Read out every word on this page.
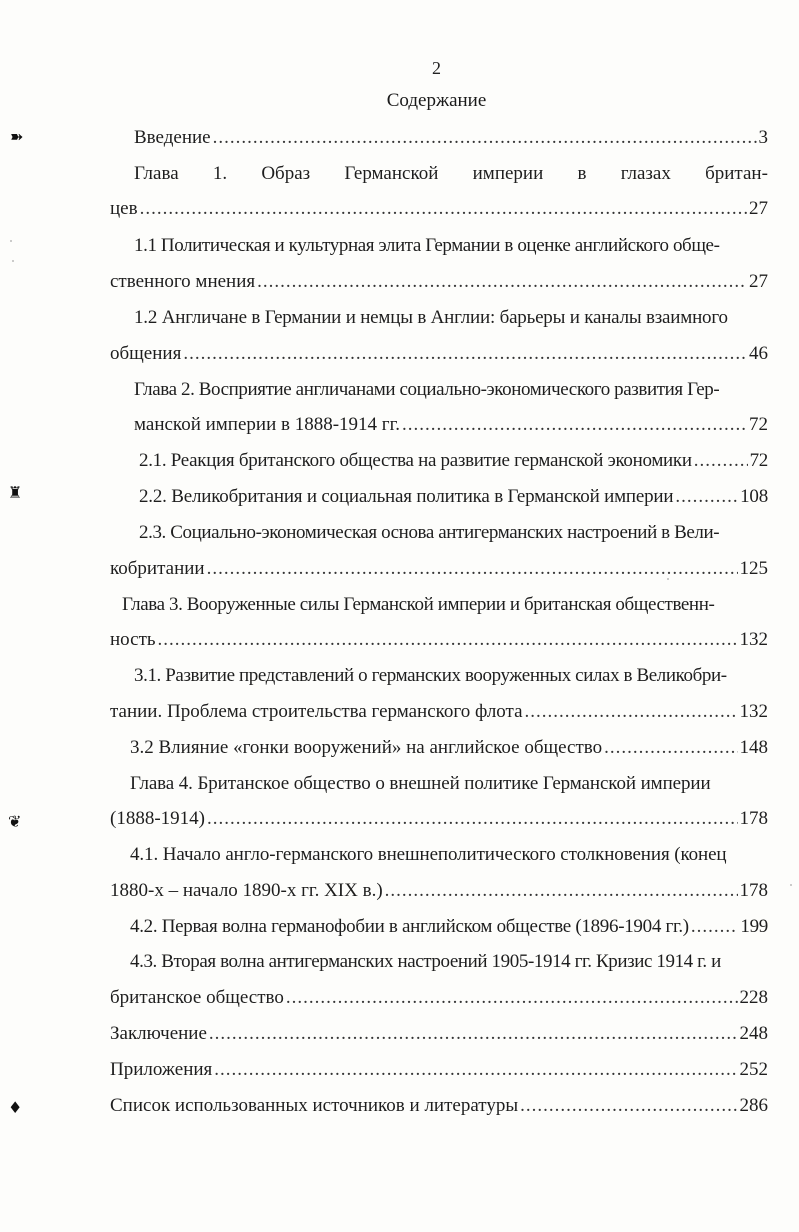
➽
♜
❦
♦
2
Содержание
Введение .....	3
Глава 1. Образ Германской империи в глазах британ-
цев .....	27
1.1 Политическая и культурная элита Германии в оценке английского обще-
ственного мнения .....	27
1.2 Англичане в Германии и немцы в Англии: барьеры и каналы взаимного
общения .....	46
Глава 2. Восприятие англичанами социально-экономического развития Гер-
манской империи в 1888-1914 гг. .....	72
2.1. Реакция британского общества на развитие германской экономики .....	72
2.2. Великобритания и социальная политика в Германской империи .....	108
2.3. Социально-экономическая основа антигерманских настроений в Вели-
кобритании .....	125
Глава 3. Вооруженные силы Германской империи и британская общественн-
ность .....	132
3.1. Развитие представлений о германских вооруженных силах в Великобри-
тании. Проблема строительства германского флота .....	132
3.2 Влияние «гонки вооружений» на английское общество .....	148
Глава 4. Британское общество о внешней политике Германской империи
(1888-1914) .....	178
4.1. Начало англо-германского внешнеполитического столкновения (конец
1880-х – начало 1890-х гг. XIX в.) .....	178
4.2. Первая волна германофобии в английском обществе (1896-1904 гг.) .....	199
4.3. Вторая волна антигерманских настроений 1905-1914 гг. Кризис 1914 г. и
британское общество .....	228
Заключение .....	248
Приложения .....	252
Список использованных источников и литературы .....	286
